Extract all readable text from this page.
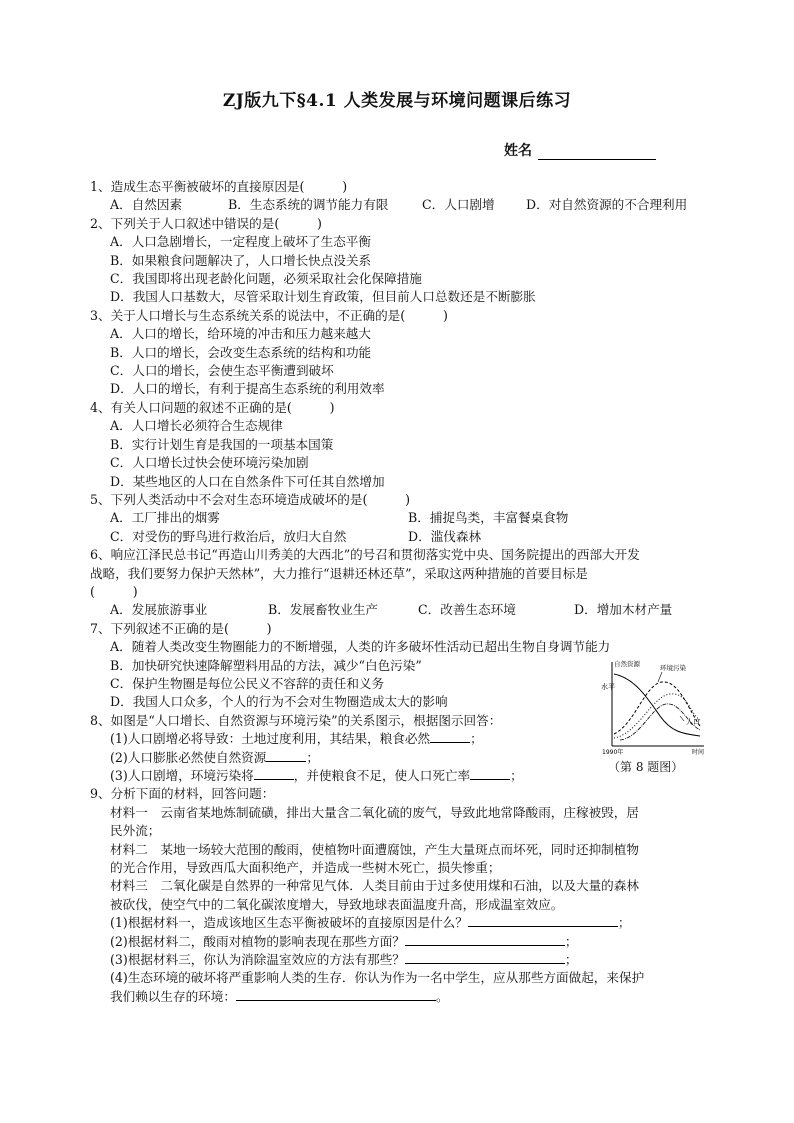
ZJ版九下§4.1 人类发展与环境问题课后练习
姓名
1、造成生态平衡被破坏的直接原因是(　　　)
A．自然因素	B．生态系统的调节能力有限	C．人口剧增	D．对自然资源的不合理利用
2、下列关于人口叙述中错误的是(　　　)
A．人口急剧增长，一定程度上破坏了生态平衡
B．如果粮食问题解决了，人口增长快点没关系
C．我国即将出现老龄化问题，必须采取社会化保障措施
D．我国人口基数大，尽管采取计划生育政策，但目前人口总数还是不断膨胀
3、关于人口增长与生态系统关系的说法中，不正确的是(　　　)
A．人口的增长，给环境的冲击和压力越来越大
B．人口的增长，会改变生态系统的结构和功能
C．人口的增长，会使生态平衡遭到破坏
D．人口的增长，有利于提高生态系统的利用效率
4、有关人口问题的叙述不正确的是(　　　)
A．人口增长必须符合生态规律
B．实行计划生育是我国的一项基本国策
C．人口增长过快会使环境污染加剧
D．某些地区的人口在自然条件下可任其自然增加
5、下列人类活动中不会对生态环境造成破坏的是(　　　)
A．工厂排出的烟雾	B．捕捉鸟类，丰富餐桌食物
C．对受伤的野鸟进行救治后，放归大自然	D．滥伐森林
6、响应江泽民总书记“再造山川秀美的大西北”的号召和贯彻落实党中央、国务院提出的西部大开发
战略，我们要努力保护天然林”，大力推行“退耕还林还草”，采取这两种措施的首要目标是
(　　　)
A．发展旅游事业	B．发展畜牧业生产	C．改善生态环境	D．增加木材产量
7、下列叙述不正确的是(　　　)
A．随着人类改变生物圈能力的不断增强，人类的许多破坏性活动已超出生物自身调节能力
B．加快研究快速降解塑料用品的方法，减少“白色污染”
C．保护生物圈是每位公民义不容辞的责任和义务
D．我国人口众多，个人的行为不会对生物圈造成太大的影响
8、如图是“人口增长、自然资源与环境污染”的关系图示，根据图示回答：
(1)人口剧增必将导致：土地过度利用，其结果，粮食必然	；
(2)人口膨胀必然使自然资源	；
(3)人口剧增，环境污染将	，并使粮食不足，使人口死亡率	；
9、分析下面的材料，回答问题：
材料一　云南省某地炼制硫磺，排出大量含二氧化硫的废气，导致此地常降酸雨，庄稼被毁，居
民外流；
材料二　某地一场较大范围的酸雨，使植物叶面遭腐蚀，产生大量斑点而坏死，同时还抑制植物
的光合作用，导致西瓜大面积绝产，并造成一些树木死亡，损失惨重；
材料三　二氧化碳是自然界的一种常见气体．人类目前由于过多使用煤和石油，以及大量的森林
被砍伐，使空气中的二氧化碳浓度增大，导致地球表面温度升高，形成温室效应。
(1)根据材料一，造成该地区生态平衡被破坏的直接原因是什么？	；
(2)根据材料二，酸雨对植物的影响表现在那些方面？	；
(3)根据材料三，你认为消除温室效应的方法有那些？	；
(4)生态环境的破坏将严重影响人类的生存．你认为作为一名中学生，应从那些方面做起，来保护
我们赖以生存的环境：	。
自然资源	环境污染
水平
人口
1990年	时间
（第 8 题图）
